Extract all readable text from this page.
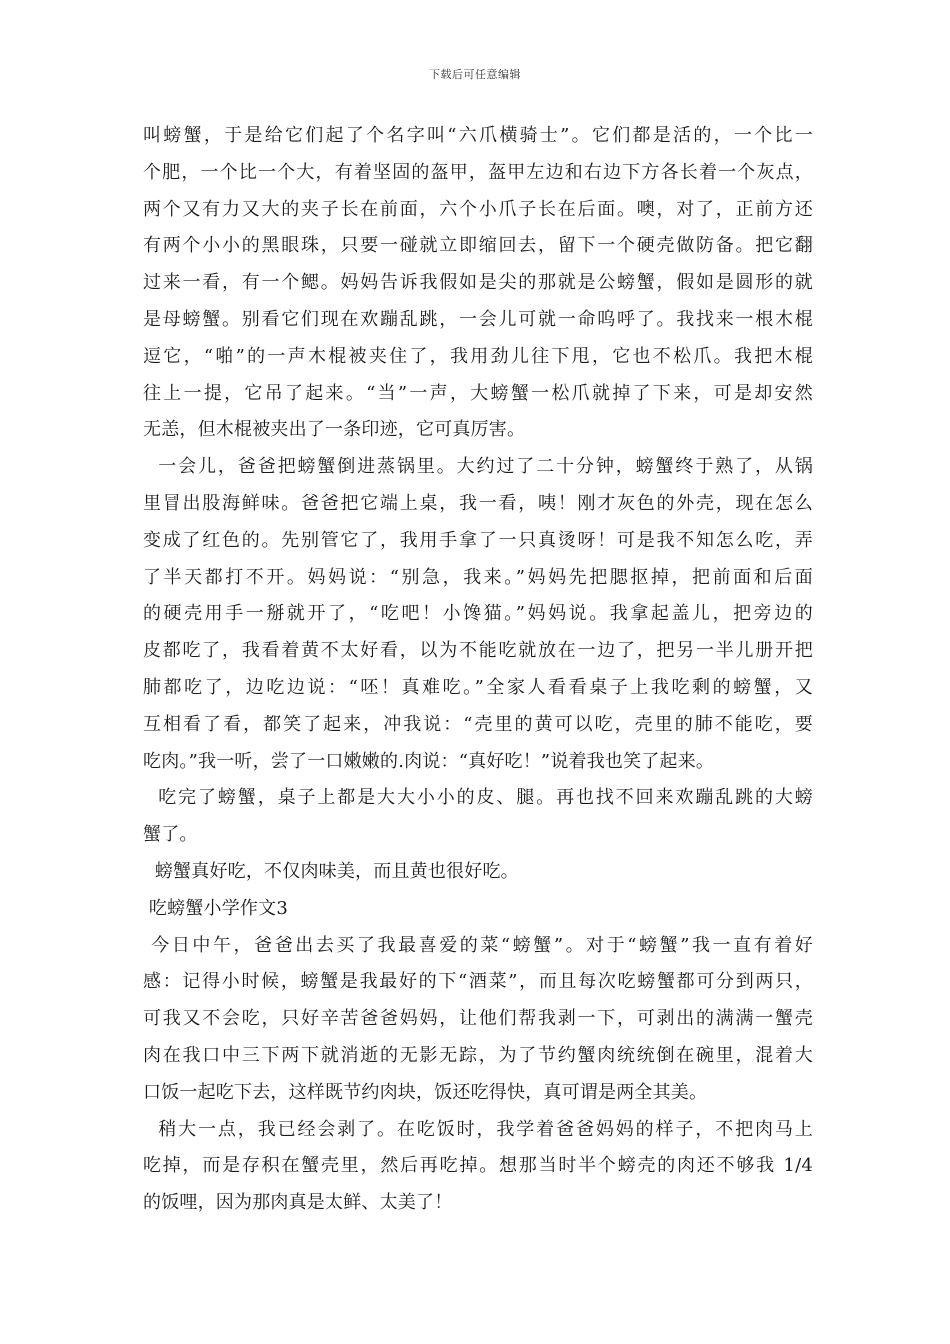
下载后可任意编辑
叫螃蟹，于是给它们起了个名字叫“六爪横骑士”。它们都是活的，一个比一
个肥，一个比一个大，有着坚固的盔甲，盔甲左边和右边下方各长着一个灰点，
两个又有力又大的夹子长在前面，六个小爪子长在后面。噢，对了，正前方还
有两个小小的黑眼珠，只要一碰就立即缩回去，留下一个硬壳做防备。把它翻
过来一看，有一个鳃。妈妈告诉我假如是尖的那就是公螃蟹，假如是圆形的就
是母螃蟹。别看它们现在欢蹦乱跳，一会儿可就一命呜呼了。我找来一根木棍
逗它，“啪”的一声木棍被夹住了，我用劲儿往下甩，它也不松爪。我把木棍
往上一提，它吊了起来。“当”一声，大螃蟹一松爪就掉了下来，可是却安然
无恙，但木棍被夹出了一条印迹，它可真厉害。
一会儿，爸爸把螃蟹倒进蒸锅里。大约过了二十分钟，螃蟹终于熟了，从锅
里冒出股海鲜味。爸爸把它端上桌，我一看，咦！刚才灰色的外壳，现在怎么
变成了红色的。先别管它了，我用手拿了一只真烫呀！可是我不知怎么吃，弄
了半天都打不开。妈妈说：“别急，我来。”妈妈先把腮抠掉，把前面和后面
的硬壳用手一掰就开了，“吃吧！小馋猫。”妈妈说。我拿起盖儿，把旁边的
皮都吃了，我看着黄不太好看，以为不能吃就放在一边了，把另一半儿册开把
肺都吃了，边吃边说：“呸！真难吃。”全家人看看桌子上我吃剩的螃蟹，又
互相看了看，都笑了起来，冲我说：“壳里的黄可以吃，壳里的肺不能吃，要
吃肉。”我一听，尝了一口嫩嫩的.肉说：“真好吃！”说着我也笑了起来。
吃完了螃蟹，桌子上都是大大小小的皮、腿。再也找不回来欢蹦乱跳的大螃
蟹了。
螃蟹真好吃，不仅肉味美，而且黄也很好吃。
吃螃蟹小学作文3
今日中午，爸爸出去买了我最喜爱的菜“螃蟹”。对于“螃蟹”我一直有着好
感：记得小时候，螃蟹是我最好的下“酒菜”，而且每次吃螃蟹都可分到两只，
可我又不会吃，只好辛苦爸爸妈妈，让他们帮我剥一下，可剥出的满满一蟹壳
肉在我口中三下两下就消逝的无影无踪，为了节约蟹肉统统倒在碗里，混着大
口饭一起吃下去，这样既节约肉块，饭还吃得快，真可谓是两全其美。
稍大一点，我已经会剥了。在吃饭时，我学着爸爸妈妈的样子，不把肉马上
吃掉，而是存积在蟹壳里，然后再吃掉。想那当时半个螃壳的肉还不够我 1/4
的饭哩，因为那肉真是太鲜、太美了！
